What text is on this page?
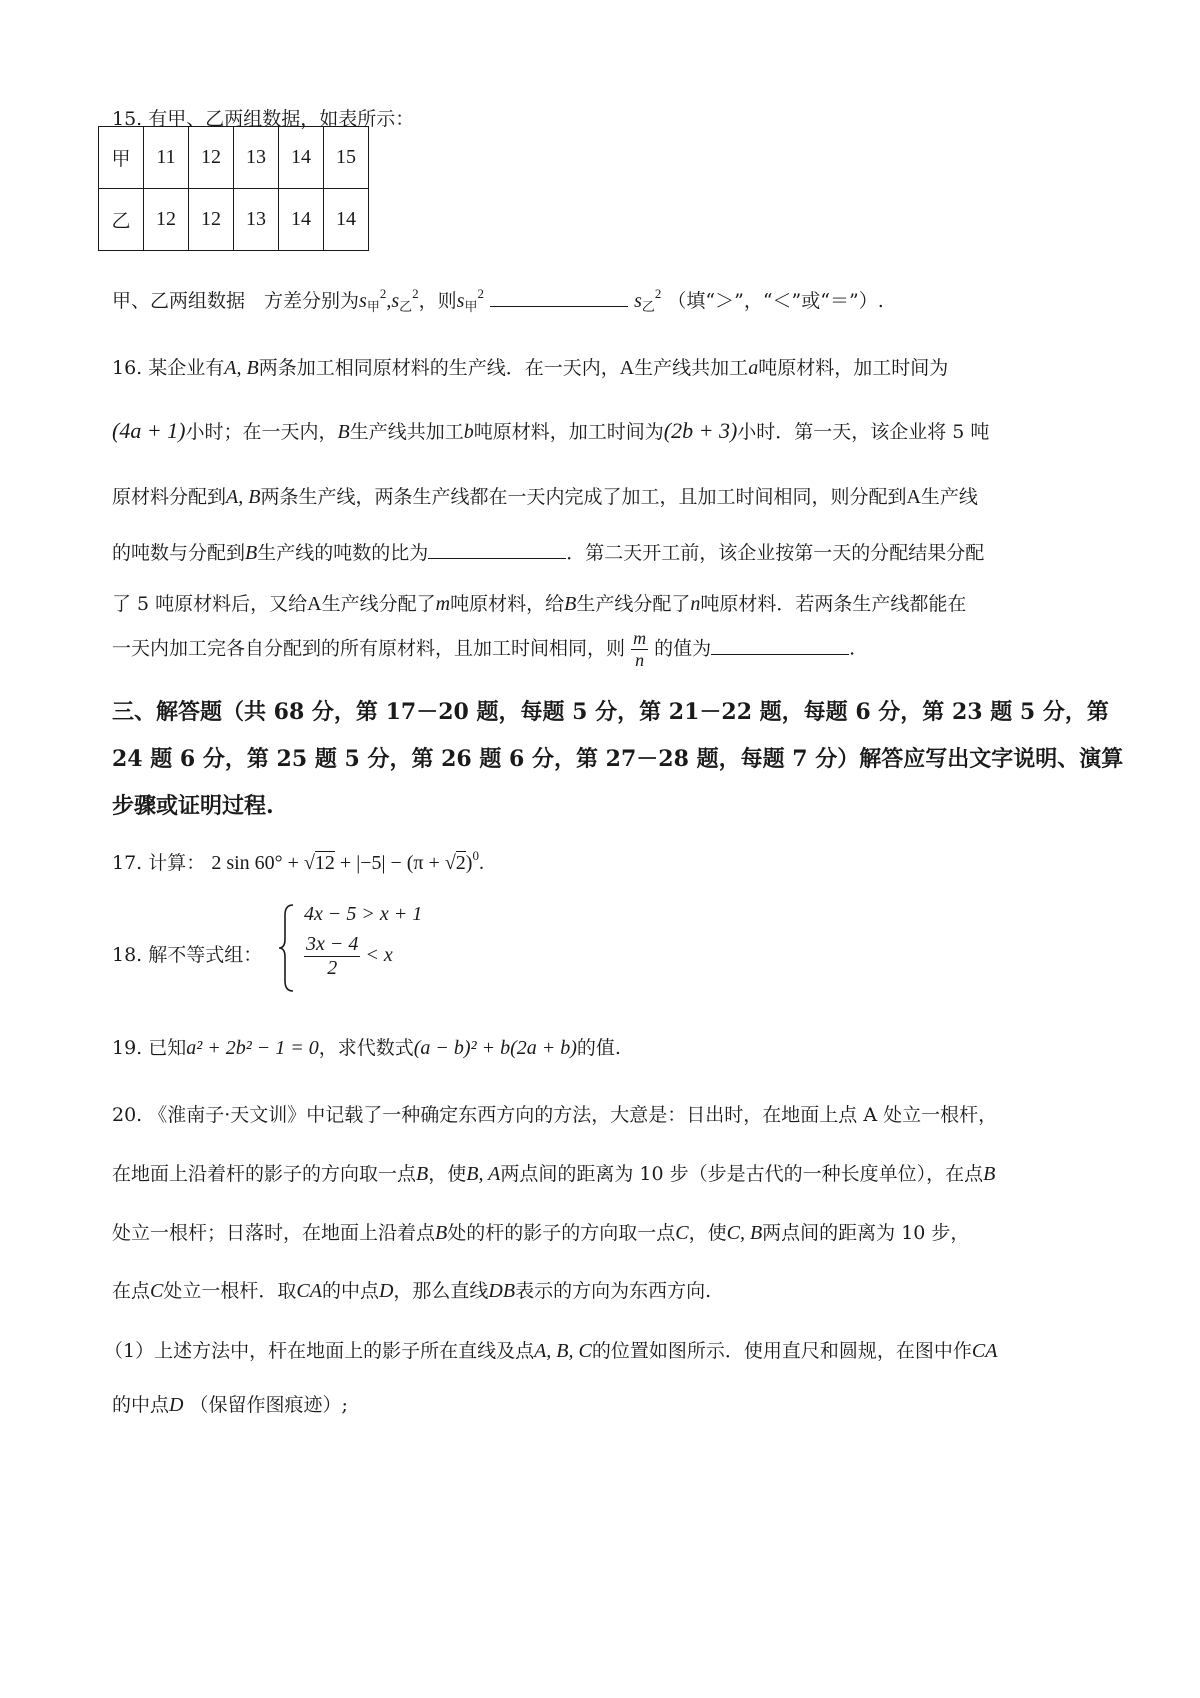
15. 有甲、乙两组数据，如表所示：
甲	11	12	13	14	15
乙	12	12	13	14	14
甲、乙两组数据　方差分别为$s_甲^2,s_乙^2$，则$s_甲^2$	$s_乙^2$ （填“＞”，“＜”或“＝”）.
16. 某企业有A, B两条加工相同原材料的生产线．在一天内，A生产线共加工a吨原材料，加工时间为
(4a + 1)小时；在一天内，B生产线共加工b吨原材料，加工时间为(2b + 3)小时．第一天，该企业将 5 吨
原材料分配到A, B两条生产线，两条生产线都在一天内完成了加工，且加工时间相同，则分配到A生产线
的吨数与分配到B生产线的吨数的比为	．第二天开工前，该企业按第一天的分配结果分配
了 5 吨原材料后，又给A生产线分配了m吨原材料，给B生产线分配了n吨原材料．若两条生产线都能在
一天内加工完各自分配到的所有原材料，且加工时间相同，则 $\frac{m}{n}$ 的值为	.
三、解答题（共 68 分，第 17－20 题，每题 5 分，第 21－22 题，每题 6 分，第 23 题 5 分，第
24 题 6 分，第 25 题 5 分，第 26 题 6 分，第 27－28 题，每题 7 分）解答应写出文字说明、演算
步骤或证明过程.
17. 计算： 2 $\sin 60^\circ + √12 + |-5| - (\pi + √2)^0$.
18. 解不等式组：
4x − 5 > x + 1
$\frac{3x - 4}{2} < x$
19. 已知a² + 2b² − 1 = 0，求代数式(a − b)² + b(2a + b)的值.
20. 《淮南子·天文训》中记载了一种确定东西方向的方法，大意是：日出时，在地面上点 A 处立一根杆，
在地面上沿着杆的影子的方向取一点B，使B, A两点间的距离为 10 步（步是古代的一种长度单位），在点B
处立一根杆；日落时，在地面上沿着点B处的杆的影子的方向取一点C，使C, B两点间的距离为 10 步，
在点C处立一根杆．取CA的中点D，那么直线DB表示的方向为东西方向.
（1）上述方法中，杆在地面上的影子所在直线及点A, B, C的位置如图所示．使用直尺和圆规，在图中作CA
的中点D （保留作图痕迹）;
